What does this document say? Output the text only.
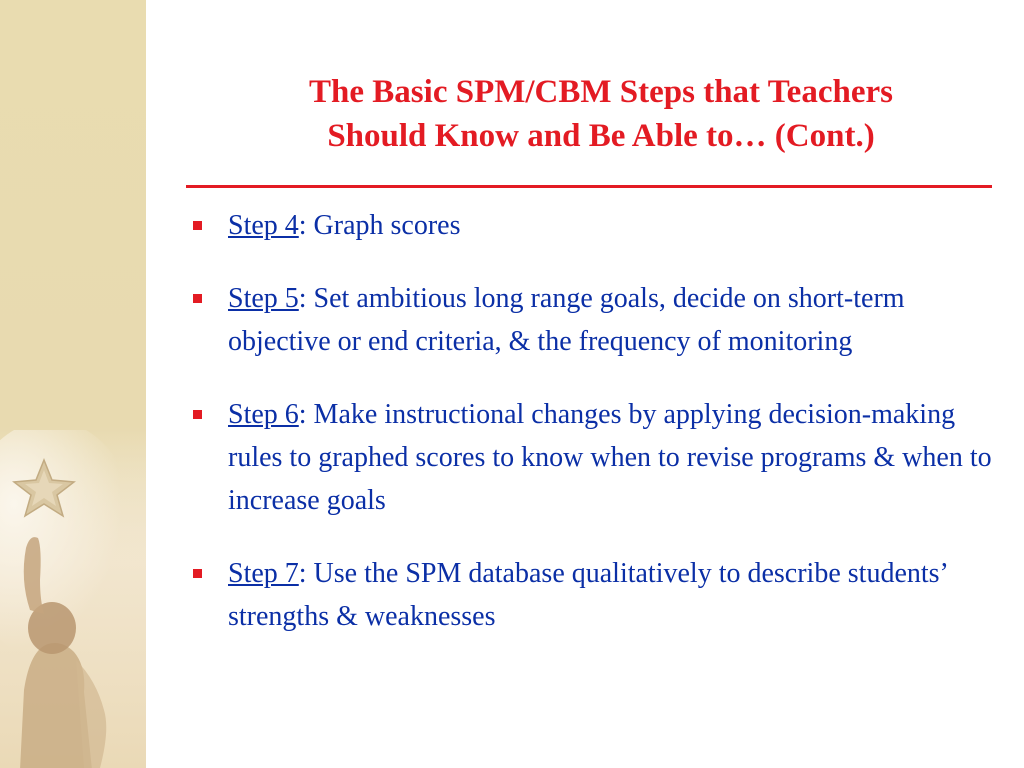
The Basic SPM/CBM Steps that Teachers
Should Know and Be Able to… (Cont.)
Step 4: Graph scores
Step 5: Set ambitious long range goals, decide on short-term objective or end criteria, & the frequency of monitoring
Step 6: Make instructional changes by applying decision-making rules to graphed scores to know when to revise programs & when to increase goals
Step 7: Use the SPM database qualitatively to describe students’ strengths & weaknesses
